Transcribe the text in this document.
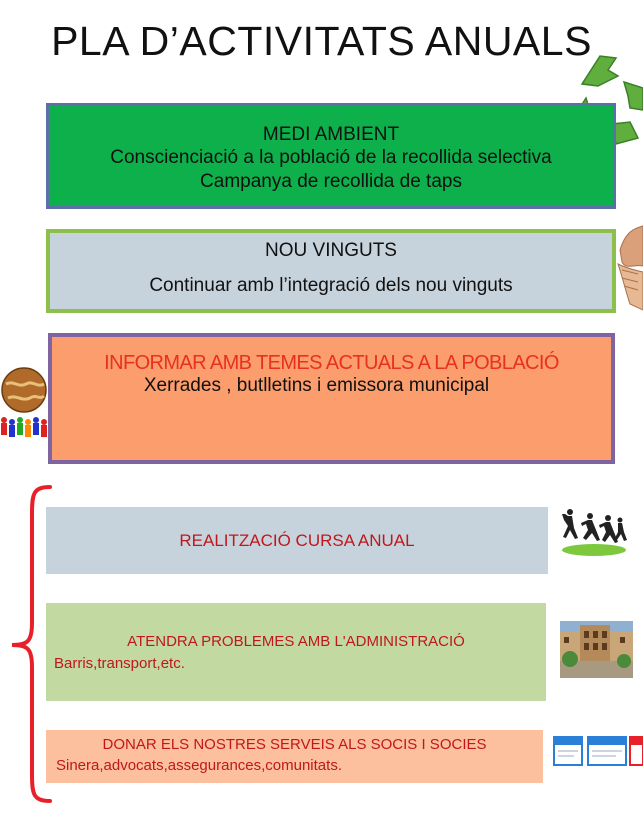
PLA D’ACTIVITATS ANUALS
MEDI AMBIENT
Conscienciació a la població de la recollida selectiva
Campanya de recollida de taps
NOU VINGUTS
Continuar amb l’integració dels nou vinguts
INFORMAR AMB TEMES ACTUALS A LA POBLACIÓ
Xerrades , butlletins i emissora municipal
REALITZACIÓ CURSA ANUAL
ATENDRA PROBLEMES AMB L'ADMINISTRACIÓ
Barris,transport,etc.
DONAR ELS NOSTRES SERVEIS ALS SOCIS I SOCIES
Sinera,advocats,assegurances,comunitats.
